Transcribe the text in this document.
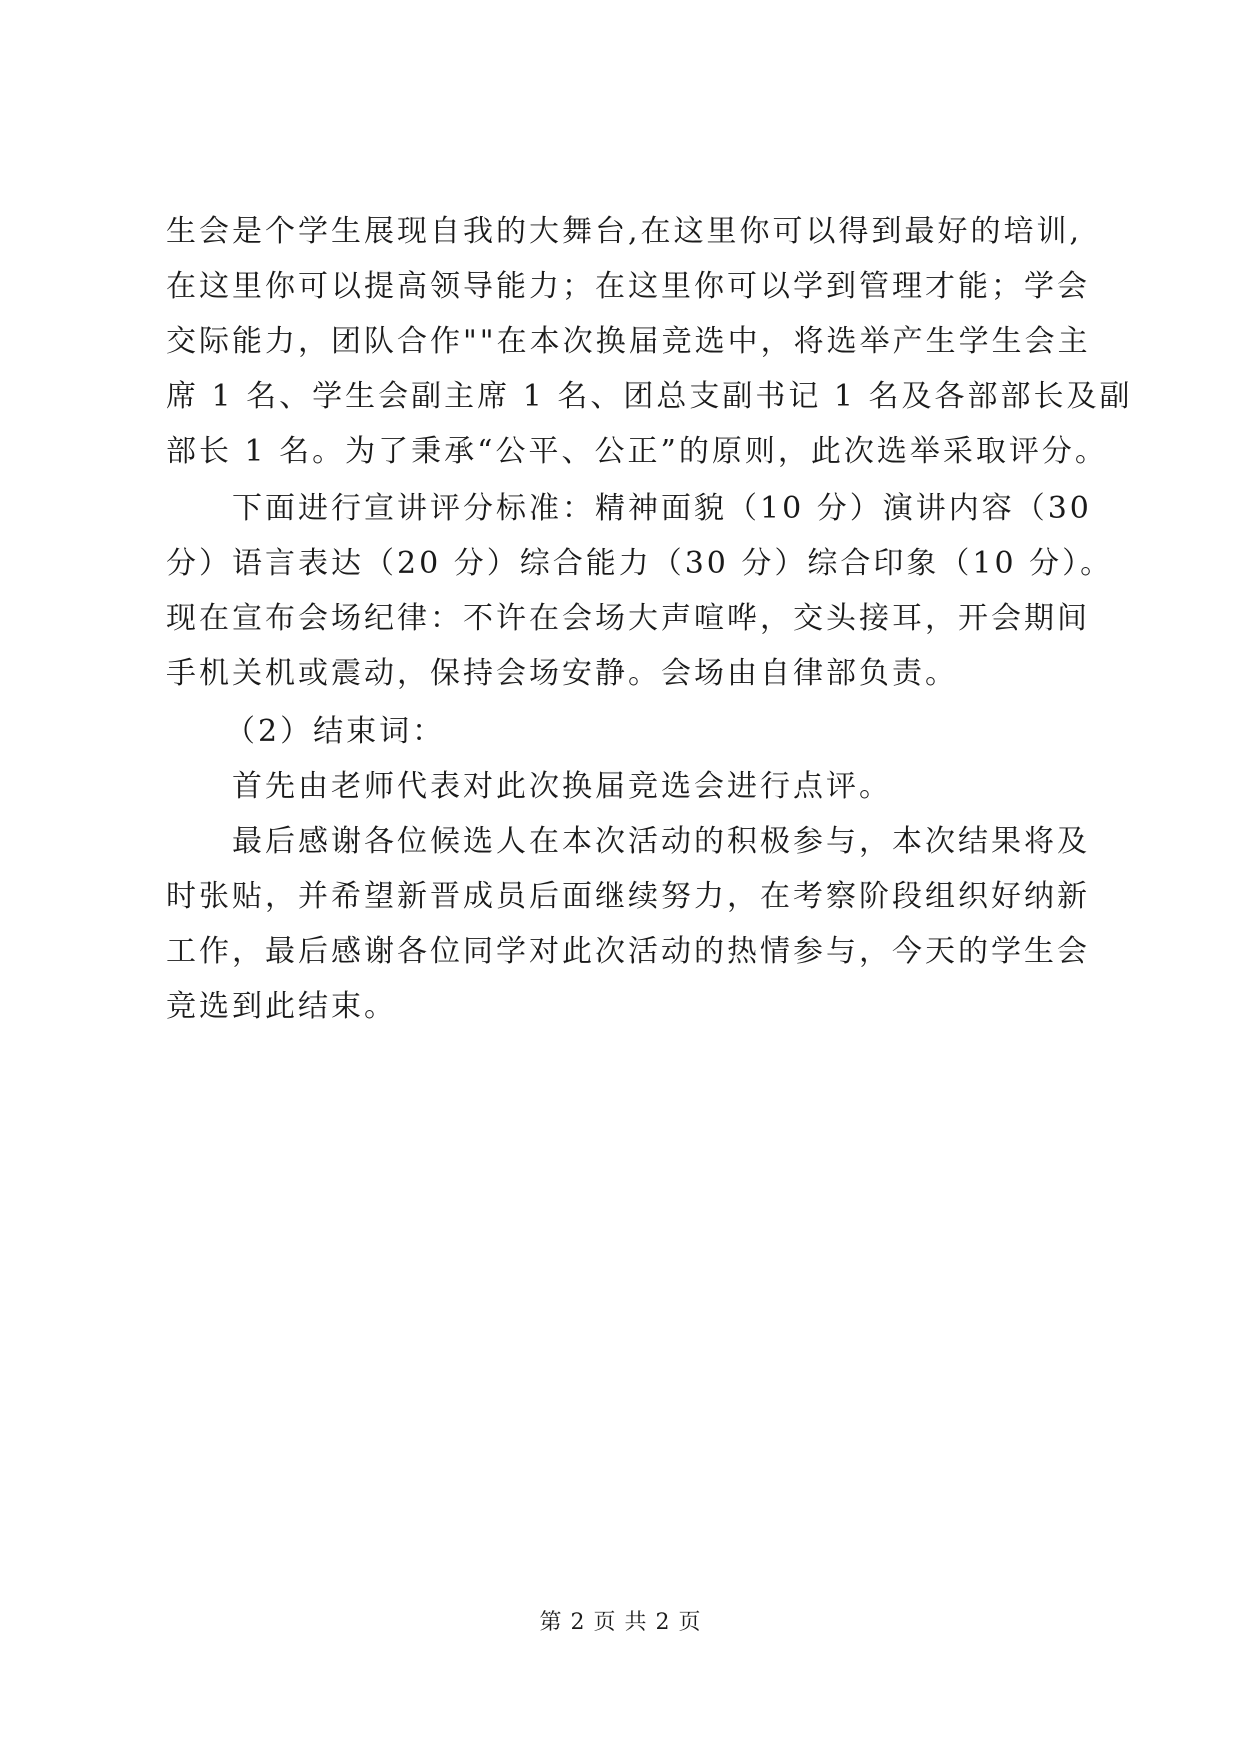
生会是个学生展现自我的大舞台,在这里你可以得到最好的培训,

在这里你可以提高领导能力；在这里你可以学到管理才能；学会

交际能力，团队合作""在本次换届竞选中，将选举产生学生会主

席 1 名、学生会副主席 1 名、团总支副书记 1 名及各部部长及副

部长 1 名。为了秉承“公平、公正”的原则，此次选举采取评分。

下面进行宣讲评分标准：精神面貌（10 分）演讲内容（30

分）语言表达（20 分）综合能力（30 分）综合印象（10 分）。

现在宣布会场纪律：不许在会场大声喧哗，交头接耳，开会期间

手机关机或震动，保持会场安静。会场由自律部负责。

（2）结束词：

首先由老师代表对此次换届竞选会进行点评。

最后感谢各位候选人在本次活动的积极参与，本次结果将及

时张贴，并希望新晋成员后面继续努力，在考察阶段组织好纳新

工作，最后感谢各位同学对此次活动的热情参与，今天的学生会

竞选到此结束。

第 2 页 共 2 页
